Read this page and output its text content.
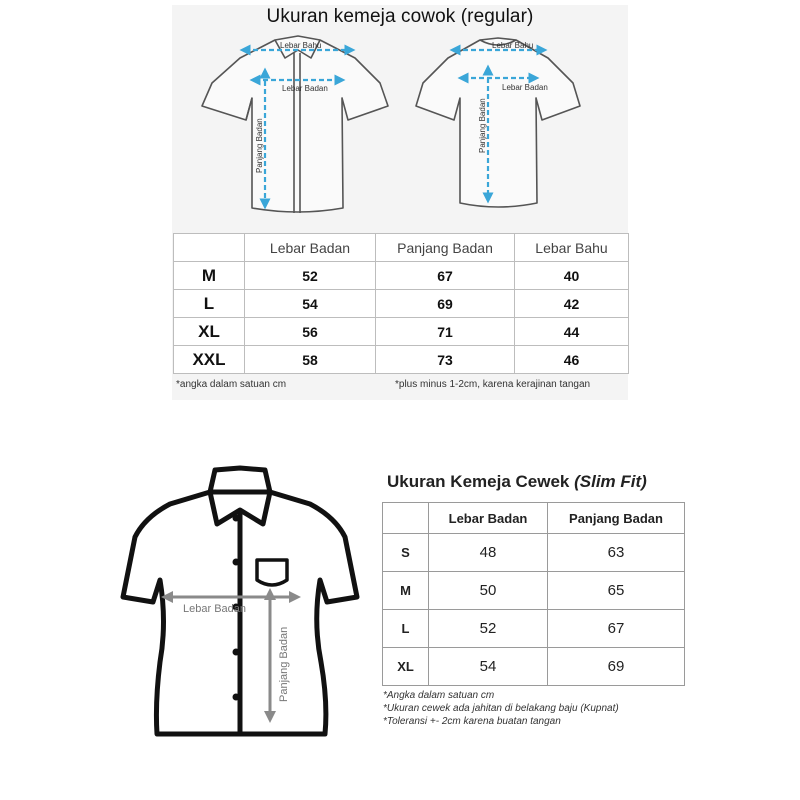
Ukuran kemeja cowok (regular)
Lebar Bahu
Lebar Badan
Panjang Badan
Lebar Bahu
Lebar Badan
Panjang Badan
	Lebar Badan	Panjang Badan	Lebar Bahu
M	52	67	40
L	54	69	42
XL	56	71	44
XXL	58	73	46
*angka dalam satuan cm	*plus minus 1-2cm, karena kerajinan tangan
Lebar Badan
Panjang Badan
Ukuran Kemeja Cewek (Slim Fit)
	Lebar Badan	Panjang Badan
S	48	63
M	50	65
L	52	67
XL	54	69
*Angka dalam satuan cm
*Ukuran cewek ada jahitan di belakang baju (Kupnat)
*Toleransi +- 2cm karena buatan tangan
